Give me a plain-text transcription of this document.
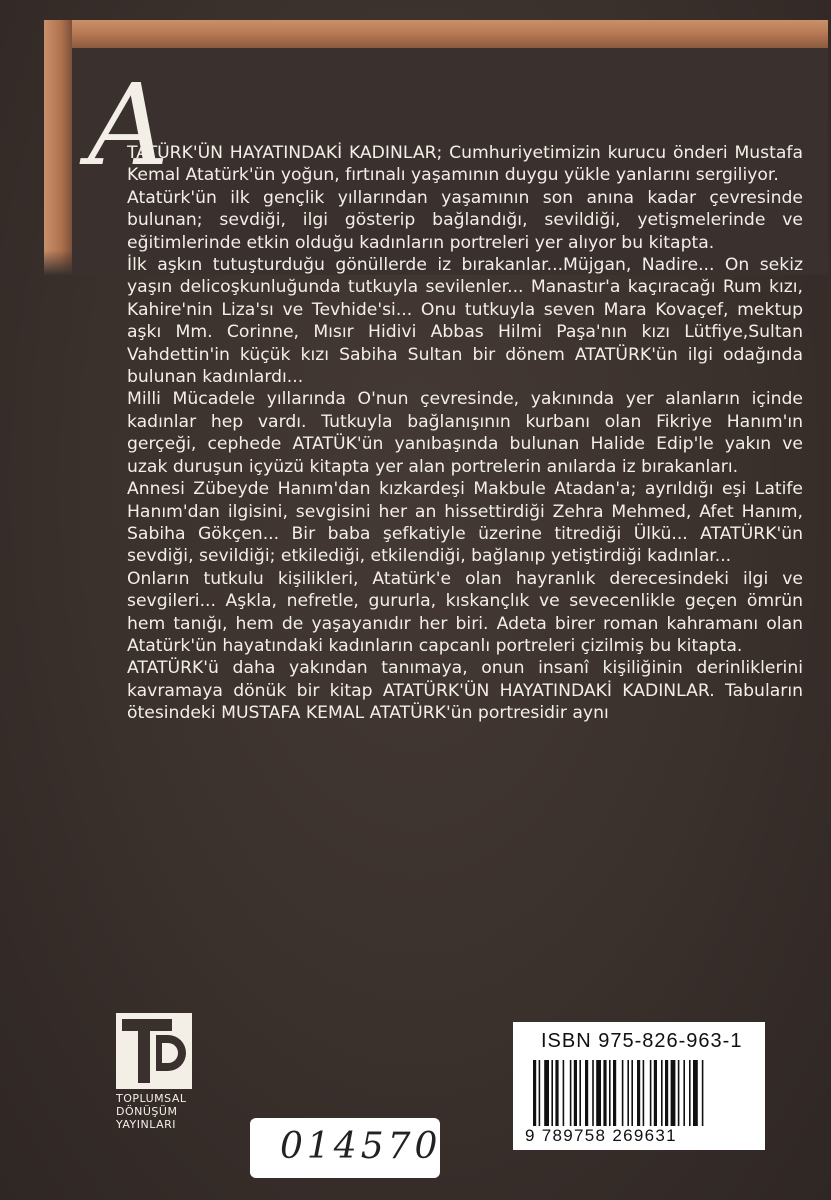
A

TATÜRK'ÜN HAYATINDAKİ KADINLAR; Cumhuriyetimizin kurucu önderi Mustafa Kemal Atatürk'ün yoğun, fırtınalı yaşamının duygu yükle yanlarını sergiliyor.

Atatürk'ün ilk gençlik yıllarından yaşamının son anına kadar çevresinde bulunan; sevdiği, ilgi gösterip bağlandığı, sevildiği, yetişmelerinde ve eğitimlerinde etkin olduğu kadınların portreleri yer alıyor bu kitapta.

İlk aşkın tutuşturduğu gönüllerde iz bırakanlar...Müjgan, Nadire... On sekiz yaşın delicoşkunluğunda tutkuyla sevilenler... Manastır'a kaçıracağı Rum kızı, Kahire'nin Liza'sı ve Tevhide'si... Onu tutkuyla seven Mara Kovaçef, mektup aşkı Mm. Corinne, Mısır Hidivi Abbas Hilmi Paşa'nın kızı Lütfiye,Sultan Vahdettin'in küçük kızı Sabiha Sultan bir dönem ATATÜRK'ün ilgi odağında bulunan kadınlardı...

Milli Mücadele yıllarında O'nun çevresinde, yakınında yer alanların içinde kadınlar hep vardı. Tutkuyla bağlanışının kurbanı olan Fikriye Hanım'ın gerçeği, cephede ATATÜK'ün yanıbaşında bulunan Halide Edip'le yakın ve uzak duruşun içyüzü kitapta yer alan portrelerin anılarda iz bırakanları.

Annesi Zübeyde Hanım'dan kızkardeşi Makbule Atadan'a; ayrıldığı eşi Latife Hanım'dan ilgisini, sevgisini her an hissettirdiği Zehra Mehmed, Afet Hanım, Sabiha Gökçen... Bir baba şefkatiyle üzerine titrediği Ülkü... ATATÜRK'ün sevdiği, sevildiği; etkilediği, etkilendiği, bağlanıp yetiştirdiği kadınlar...

Onların tutkulu kişilikleri, Atatürk'e olan hayranlık derecesindeki ilgi ve sevgileri... Aşkla, nefretle, gururla, kıskançlık ve sevecenlikle geçen ömrün hem tanığı, hem de yaşayanıdır her biri. Adeta birer roman kahramanı olan Atatürk'ün hayatındaki kadınların capcanlı portreleri çizilmiş bu kitapta.

ATATÜRK'ü daha yakından tanımaya, onun insanî kişiliğinin derinliklerini kavramaya dönük bir kitap ATATÜRK'ÜN HAYATINDAKİ KADINLAR. Tabuların ötesindeki MUSTAFA KEMAL ATATÜRK'ün portresidir aynı

TOPLUMSAL
DÖNÜŞÜM
YAYINLARI
ISBN 975-826-963-1
9 789758 269631
014570
